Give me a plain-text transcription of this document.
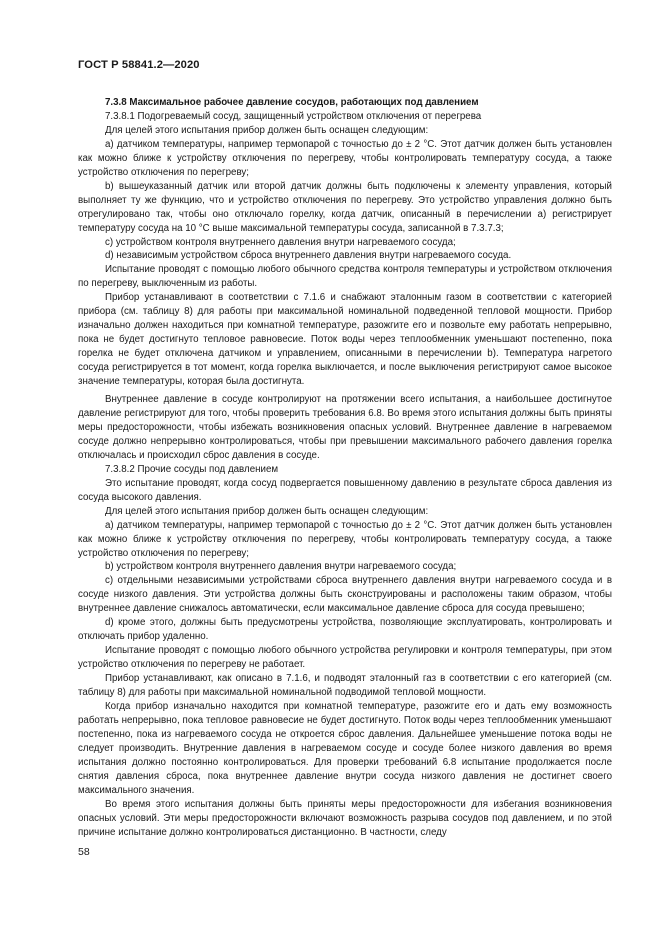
ГОСТ Р 58841.2—2020

7.3.8 Максимальное рабочее давление сосудов, работающих под давлением

7.3.8.1 Подогреваемый сосуд, защищенный устройством отключения от перегрева

Для целей этого испытания прибор должен быть оснащен следующим:

а) датчиком температуры, например термопарой с точностью до ± 2 °С. Этот датчик должен быть установлен как можно ближе к устройству отключения по перегреву, чтобы контролировать температуру сосуда, а также устройство отключения по перегреву;

b) вышеуказанный датчик или второй датчик должны быть подключены к элементу управления, который выполняет ту же функцию, что и устройство отключения по перегреву. Это устройство управления должно быть отрегулировано так, чтобы оно отключало горелку, когда датчик, описанный в перечислении а) регистрирует температуру сосуда на 10 °С выше максимальной температуры сосуда, записанной в 7.3.7.3;

c) устройством контроля внутреннего давления внутри нагреваемого сосуда;

d) независимым устройством сброса внутреннего давления внутри нагреваемого сосуда.

Испытание проводят с помощью любого обычного средства контроля температуры и устройством отключения по перегреву, выключенным из работы.

Прибор устанавливают в соответствии с 7.1.6 и снабжают эталонным газом в соответствии с категорией прибора (см. таблицу 8) для работы при максимальной номинальной подведенной тепловой мощности. Прибор изначально должен находиться при комнатной температуре, разожгите его и позвольте ему работать непрерывно, пока не будет достигнуто тепловое равновесие. Поток воды через теплообменник уменьшают постепенно, пока горелка не будет отключена датчиком и управлением, описанными в перечислении b). Температура нагретого сосуда регистрируется в тот момент, когда горелка выключается, и после выключения регистрируют самое высокое значение температуры, которая была достигнута.

Внутреннее давление в сосуде контролируют на протяжении всего испытания, а наибольшее достигнутое давление регистрируют для того, чтобы проверить требования 6.8. Во время этого испытания должны быть приняты меры предосторожности, чтобы избежать возникновения опасных условий. Внутреннее давление в нагреваемом сосуде должно непрерывно контролироваться, чтобы при превышении максимального рабочего давления горелка отключалась и происходил сброс давления в сосуде.

7.3.8.2 Прочие сосуды под давлением

Это испытание проводят, когда сосуд подвергается повышенному давлению в результате сброса давления из сосуда высокого давления.

Для целей этого испытания прибор должен быть оснащен следующим:

а) датчиком температуры, например термопарой с точностью до ± 2 °С. Этот датчик должен быть установлен как можно ближе к устройству отключения по перегреву, чтобы контролировать температуру сосуда, а также устройство отключения по перегреву;

b) устройством контроля внутреннего давления внутри нагреваемого сосуда;

c) отдельными независимыми устройствами сброса внутреннего давления внутри нагреваемого сосуда и в сосуде низкого давления. Эти устройства должны быть сконструированы и расположены таким образом, чтобы внутреннее давление снижалось автоматически, если максимальное давление сброса для сосуда превышено;

d) кроме этого, должны быть предусмотрены устройства, позволяющие эксплуатировать, контролировать и отключать прибор удаленно.

Испытание проводят с помощью любого обычного устройства регулировки и контроля температуры, при этом устройство отключения по перегреву не работает.

Прибор устанавливают, как описано в 7.1.6, и подводят эталонный газ в соответствии с его категорией (см. таблицу 8) для работы при максимальной номинальной подводимой тепловой мощности.

Когда прибор изначально находится при комнатной температуре, разожгите его и дать ему возможность работать непрерывно, пока тепловое равновесие не будет достигнуто. Поток воды через теплообменник уменьшают постепенно, пока из нагреваемого сосуда не откроется сброс давления. Дальнейшее уменьшение потока воды не следует производить. Внутренние давления в нагреваемом сосуде и сосуде более низкого давления во время испытания должно постоянно контролироваться. Для проверки требований 6.8 испытание продолжается после снятия давления сброса, пока внутреннее давление внутри сосуда низкого давления не достигнет своего максимального значения.

Во время этого испытания должны быть приняты меры предосторожности для избегания возникновения опасных условий. Эти меры предосторожности включают возможность разрыва сосудов под давлением, и по этой причине испытание должно контролироваться дистанционно. В частности, следу

58
